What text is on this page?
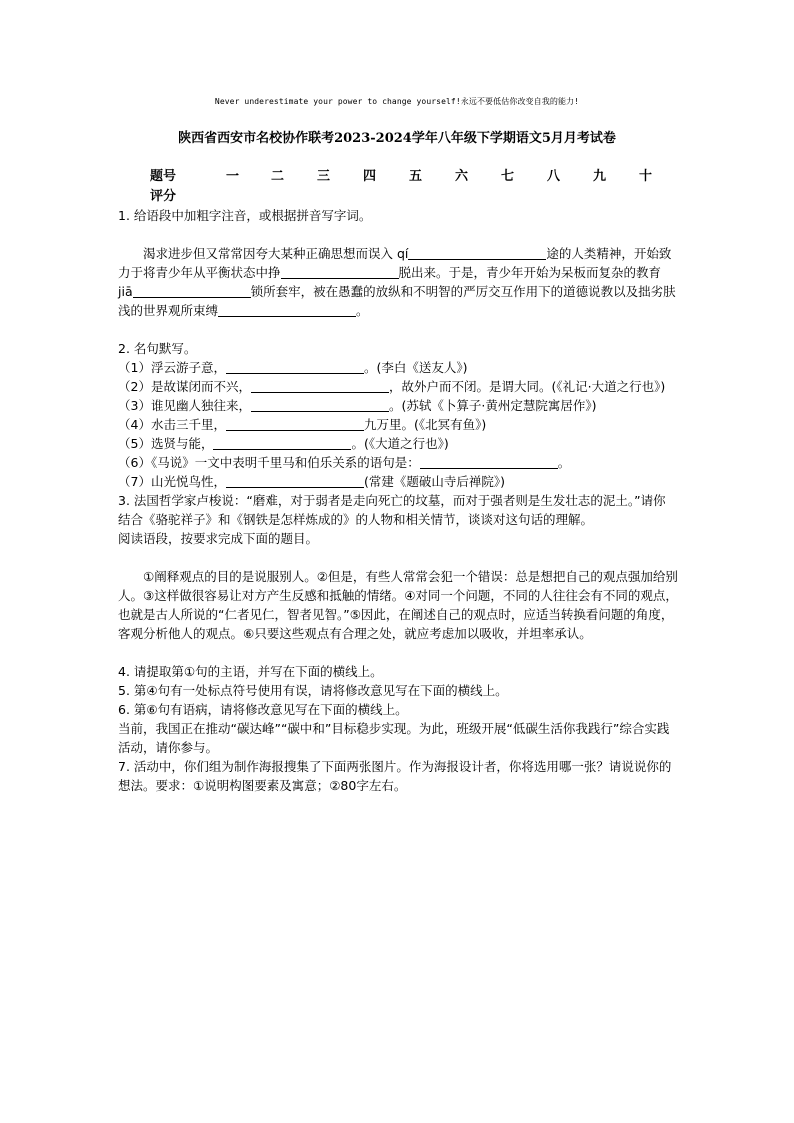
Never underestimate your power to change yourself!永远不要低估你改变自我的能力!
陕西省西安市名校协作联考2023-2024学年八年级下学期语文5月月考试卷
题号	一 二	三	四	五	六	七	八	九	十
评分

1. 给语段中加粗字注音，或根据拼音写字词。

渴求进步但又常常因夸大某种正确思想而误入 qí	途的人类精神，开始致力于将青少年从平衡状态中挣	脱出来。于是，青少年开始为呆板而复杂的教育 jiā	锁所套牢，被在愚蠢的放纵和不明智的严厉交互作用下的道德说教以及拙劣肤浅的世界观所束缚	。

2. 名句默写。

（1）浮云游子意，	。(李白《送友人》)

（2）是故谋闭而不兴，	，故外户而不闭。是谓大同。(《礼记·大道之行也》)

（3）谁见幽人独往来，	。(苏轼《卜算子·黄州定慧院寓居作》)

（4）水击三千里，	九万里。(《北冥有鱼》)

（5）选贤与能，	。(《大道之行也》)

（6）《马说》一文中表明千里马和伯乐关系的语句是：	。

（7）山光悦鸟性，	(常建《题破山寺后禅院》)

3. 法国哲学家卢梭说：“磨难，对于弱者是走向死亡的坟墓，而对于强者则是生发壮志的泥土。”请你结合《骆驼祥子》和《钢铁是怎样炼成的》的人物和相关情节，谈谈对这句话的理解。

阅读语段，按要求完成下面的题目。

①阐释观点的目的是说服别人。②但是，有些人常常会犯一个错误：总是想把自己的观点强加给别人。③这样做很容易让对方产生反感和抵触的情绪。④对同一个问题，不同的人往往会有不同的观点，也就是古人所说的“仁者见仁，智者见智。”⑤因此，在阐述自己的观点时，应适当转换看问题的角度，客观分析他人的观点。⑥只要这些观点有合理之处，就应考虑加以吸收，并坦率承认。

4. 请提取第①句的主语，并写在下面的横线上。

5. 第④句有一处标点符号使用有误，请将修改意见写在下面的横线上。

6. 第⑥句有语病，请将修改意见写在下面的横线上。

当前，我国正在推动“碳达峰”“碳中和”目标稳步实现。为此，班级开展“低碳生活你我践行”综合实践活动，请你参与。

7. 活动中，你们组为制作海报搜集了下面两张图片。作为海报设计者，你将选用哪一张？请说说你的想法。要求：①说明构图要素及寓意；②80字左右。
